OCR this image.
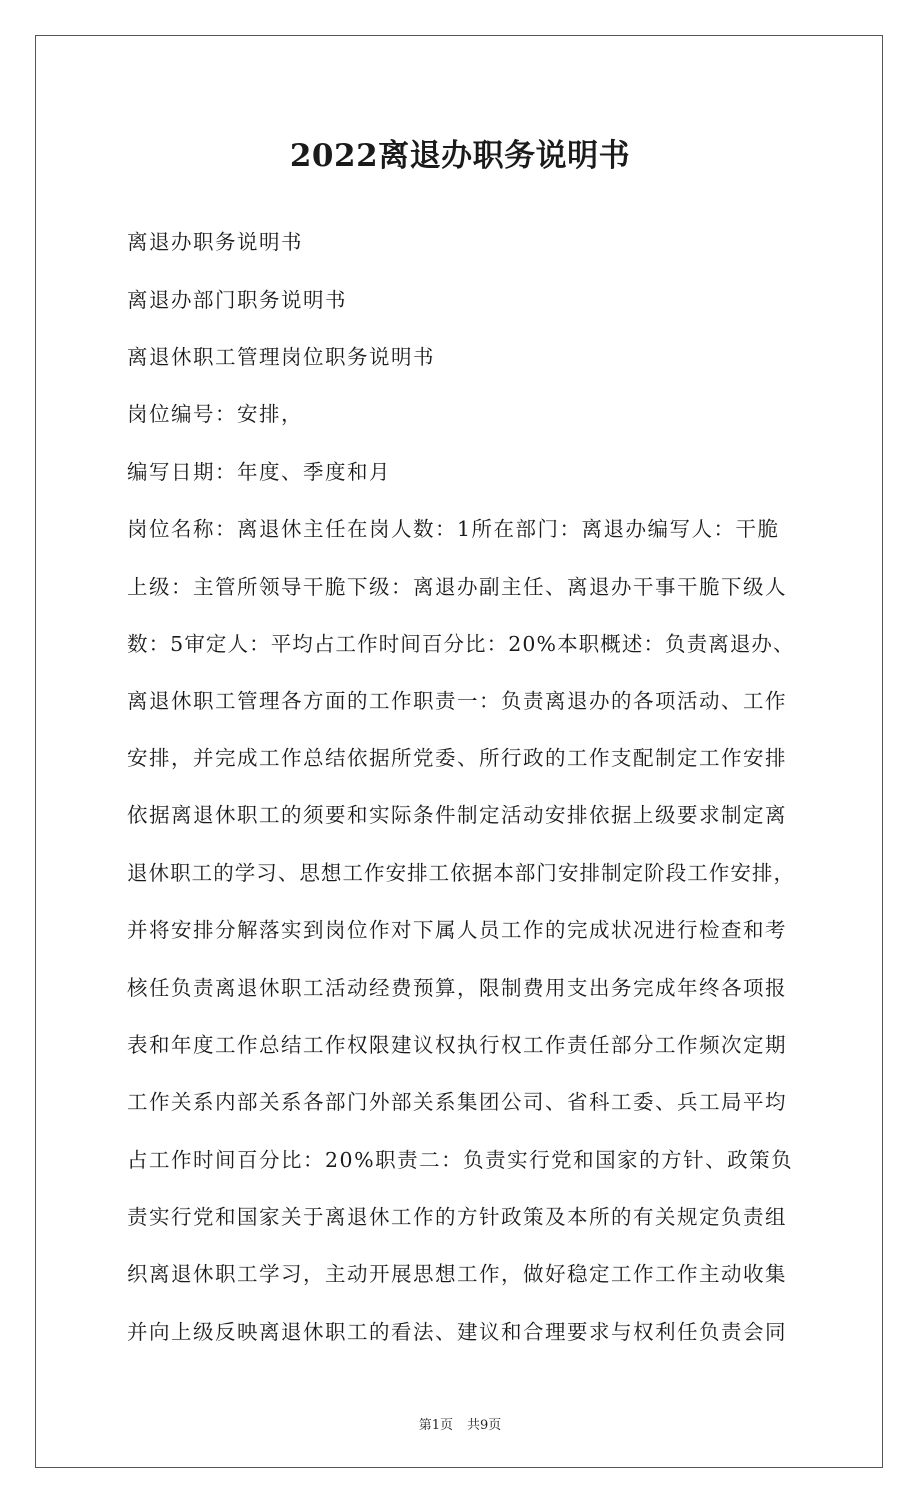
2022离退办职务说明书
离退办职务说明书
离退办部门职务说明书
离退休职工管理岗位职务说明书
岗位编号：安排，
编写日期：年度、季度和月
岗位名称：离退休主任在岗人数：1所在部门：离退办编写人：干脆
上级：主管所领导干脆下级：离退办副主任、离退办干事干脆下级人
数：5审定人：平均占工作时间百分比：20%本职概述：负责离退办、
离退休职工管理各方面的工作职责一：负责离退办的各项活动、工作
安排，并完成工作总结依据所党委、所行政的工作支配制定工作安排
依据离退休职工的须要和实际条件制定活动安排依据上级要求制定离
退休职工的学习、思想工作安排工依据本部门安排制定阶段工作安排，
并将安排分解落实到岗位作对下属人员工作的完成状况进行检查和考
核任负责离退休职工活动经费预算，限制费用支出务完成年终各项报
表和年度工作总结工作权限建议权执行权工作责任部分工作频次定期
工作关系内部关系各部门外部关系集团公司、省科工委、兵工局平均
占工作时间百分比：20%职责二：负责实行党和国家的方针、政策负
责实行党和国家关于离退休工作的方针政策及本所的有关规定负责组
织离退休职工学习，主动开展思想工作，做好稳定工作工作主动收集
并向上级反映离退休职工的看法、建议和合理要求与权利任负责会同
第1页 共9页
